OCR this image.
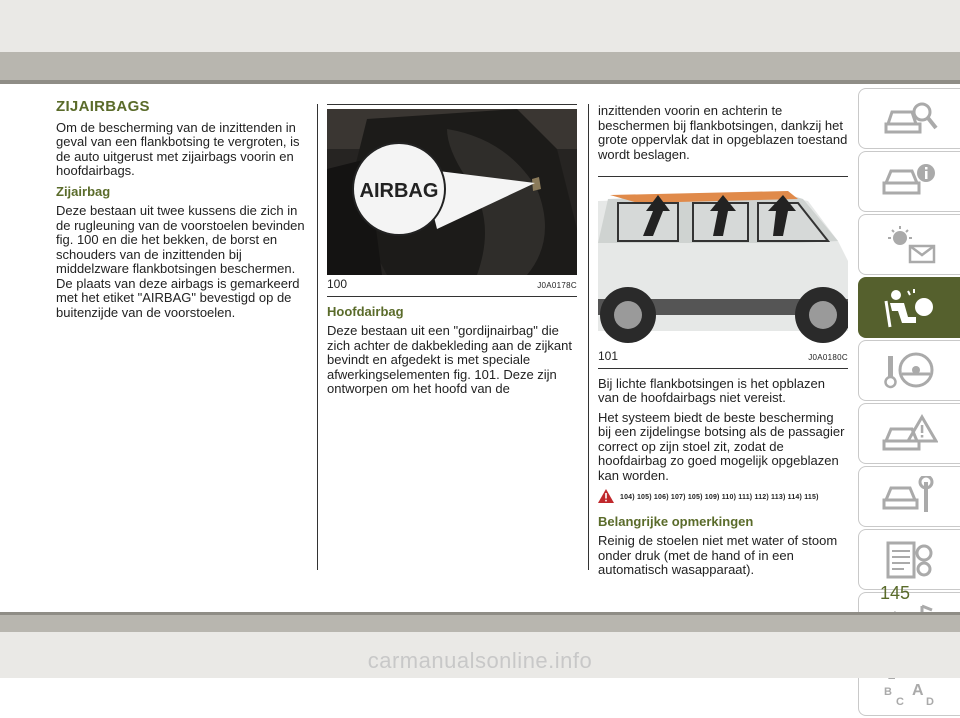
ZIJAIRBAGS

Om de bescherming van de inzittenden in geval van een flankbotsing te vergroten, is de auto uitgerust met zijairbags voorin en hoofdairbags.

Zijairbag

Deze bestaan uit twee kussens die zich in de rugleuning van de voorstoelen bevinden fig. 100 en die het bekken, de borst en schouders van de inzittenden bij middelzware flankbotsingen beschermen. De plaats van deze airbags is gemarkeerd met het etiket "AIRBAG" bevestigd op de buitenzijde van de voorstoelen.

AIRBAG
100	J0A0178C
Hoofdairbag

Deze bestaan uit een "gordijnairbag" die zich achter de dakbekleding aan de zijkant bevindt en afgedekt is met speciale afwerkingselementen fig. 101. Deze zijn ontworpen om het hoofd van de

inzittenden voorin en achterin te beschermen bij flankbotsingen, dankzij het grote oppervlak dat in opgeblazen toestand wordt beslagen.

101	J0A0180C

Bij lichte flankbotsingen is het opblazen van de hoofdairbags niet vereist.

Het systeem biedt de beste bescherming bij een zijdelingse botsing als de passagier correct op zijn stoel zit, zodat de hoofdairbag zo goed mogelijk opgeblazen kan worden.

104) 105) 106) 107) 105) 109) 110) 111) 112) 113) 114) 115)
Belangrijke opmerkingen

Reinig de stoelen niet met water of stoom onder druk (met de hand of in een automatisch wasapparaat).

B A
C D
145
carmanualsonline.info
